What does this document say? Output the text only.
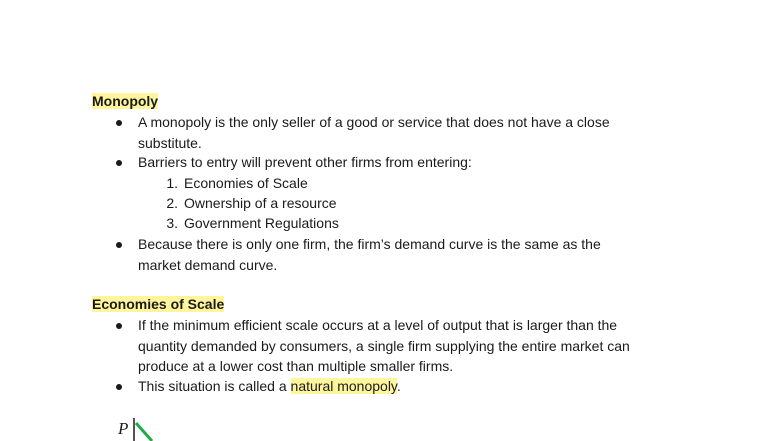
Monopoly
A monopoly is the only seller of a good or service that does not have a close
substitute.
Barriers to entry will prevent other firms from entering:
1. Economies of Scale
2. Ownership of a resource
3. Government Regulations
Because there is only one firm, the firm’s demand curve is the same as the
market demand curve.
Economies of Scale
If the minimum efficient scale occurs at a level of output that is larger than the
quantity demanded by consumers, a single firm supplying the entire market can
produce at a lower cost than multiple smaller firms.
This situation is called a natural monopoly.
P
